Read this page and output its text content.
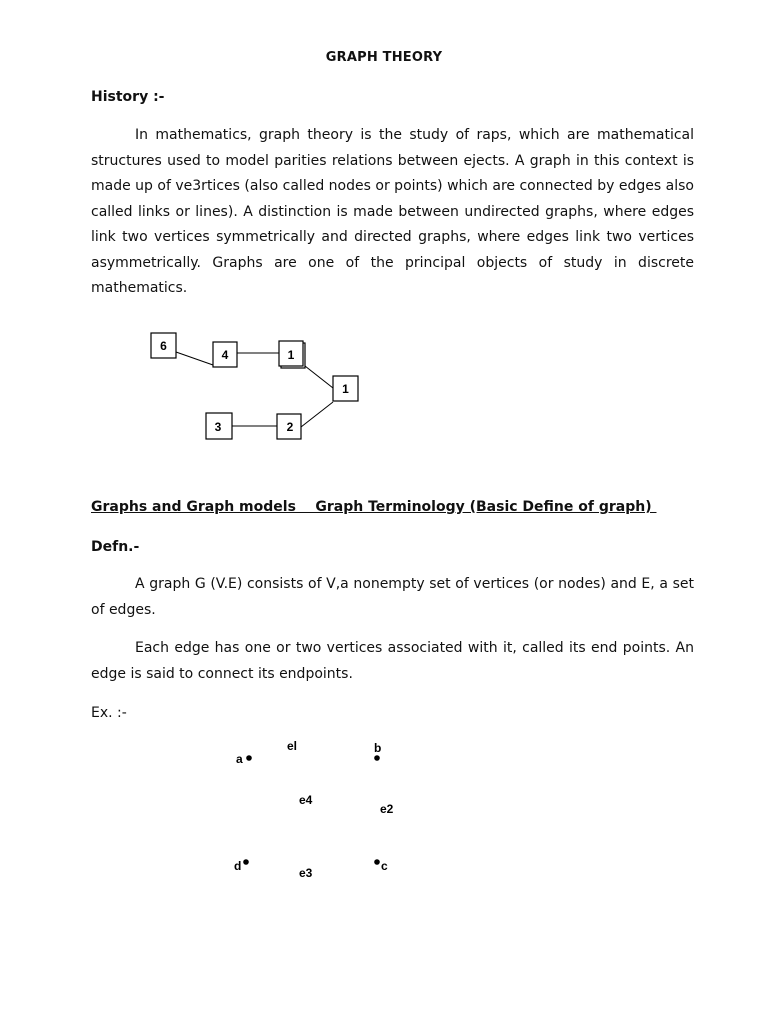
GRAPH THEORY
History :-
In mathematics, graph theory is the study of raps, which are mathematical structures used to model parities relations between ejects. A graph in this context is made up of ve3rtices (also called nodes or points) which are connected by edges also called links or lines). A distinction is made between undirected graphs, where edges link two vertices symmetrically and directed graphs, where edges link two vertices asymmetrically. Graphs are one of the principal objects of study in discrete mathematics.
6
4	1
1
3	2
Graphs and Graph models    Graph Terminology (Basic Define of graph)
Defn.-
A graph G (V.E) consists of V,a nonempty set of vertices (or nodes) and E, a set of edges.
Each edge has one or two vertices associated with it, called its end points. An edge is said to connect its endpoints.
Ex. :-
a
b
d	c
el
e4
e2
e3
